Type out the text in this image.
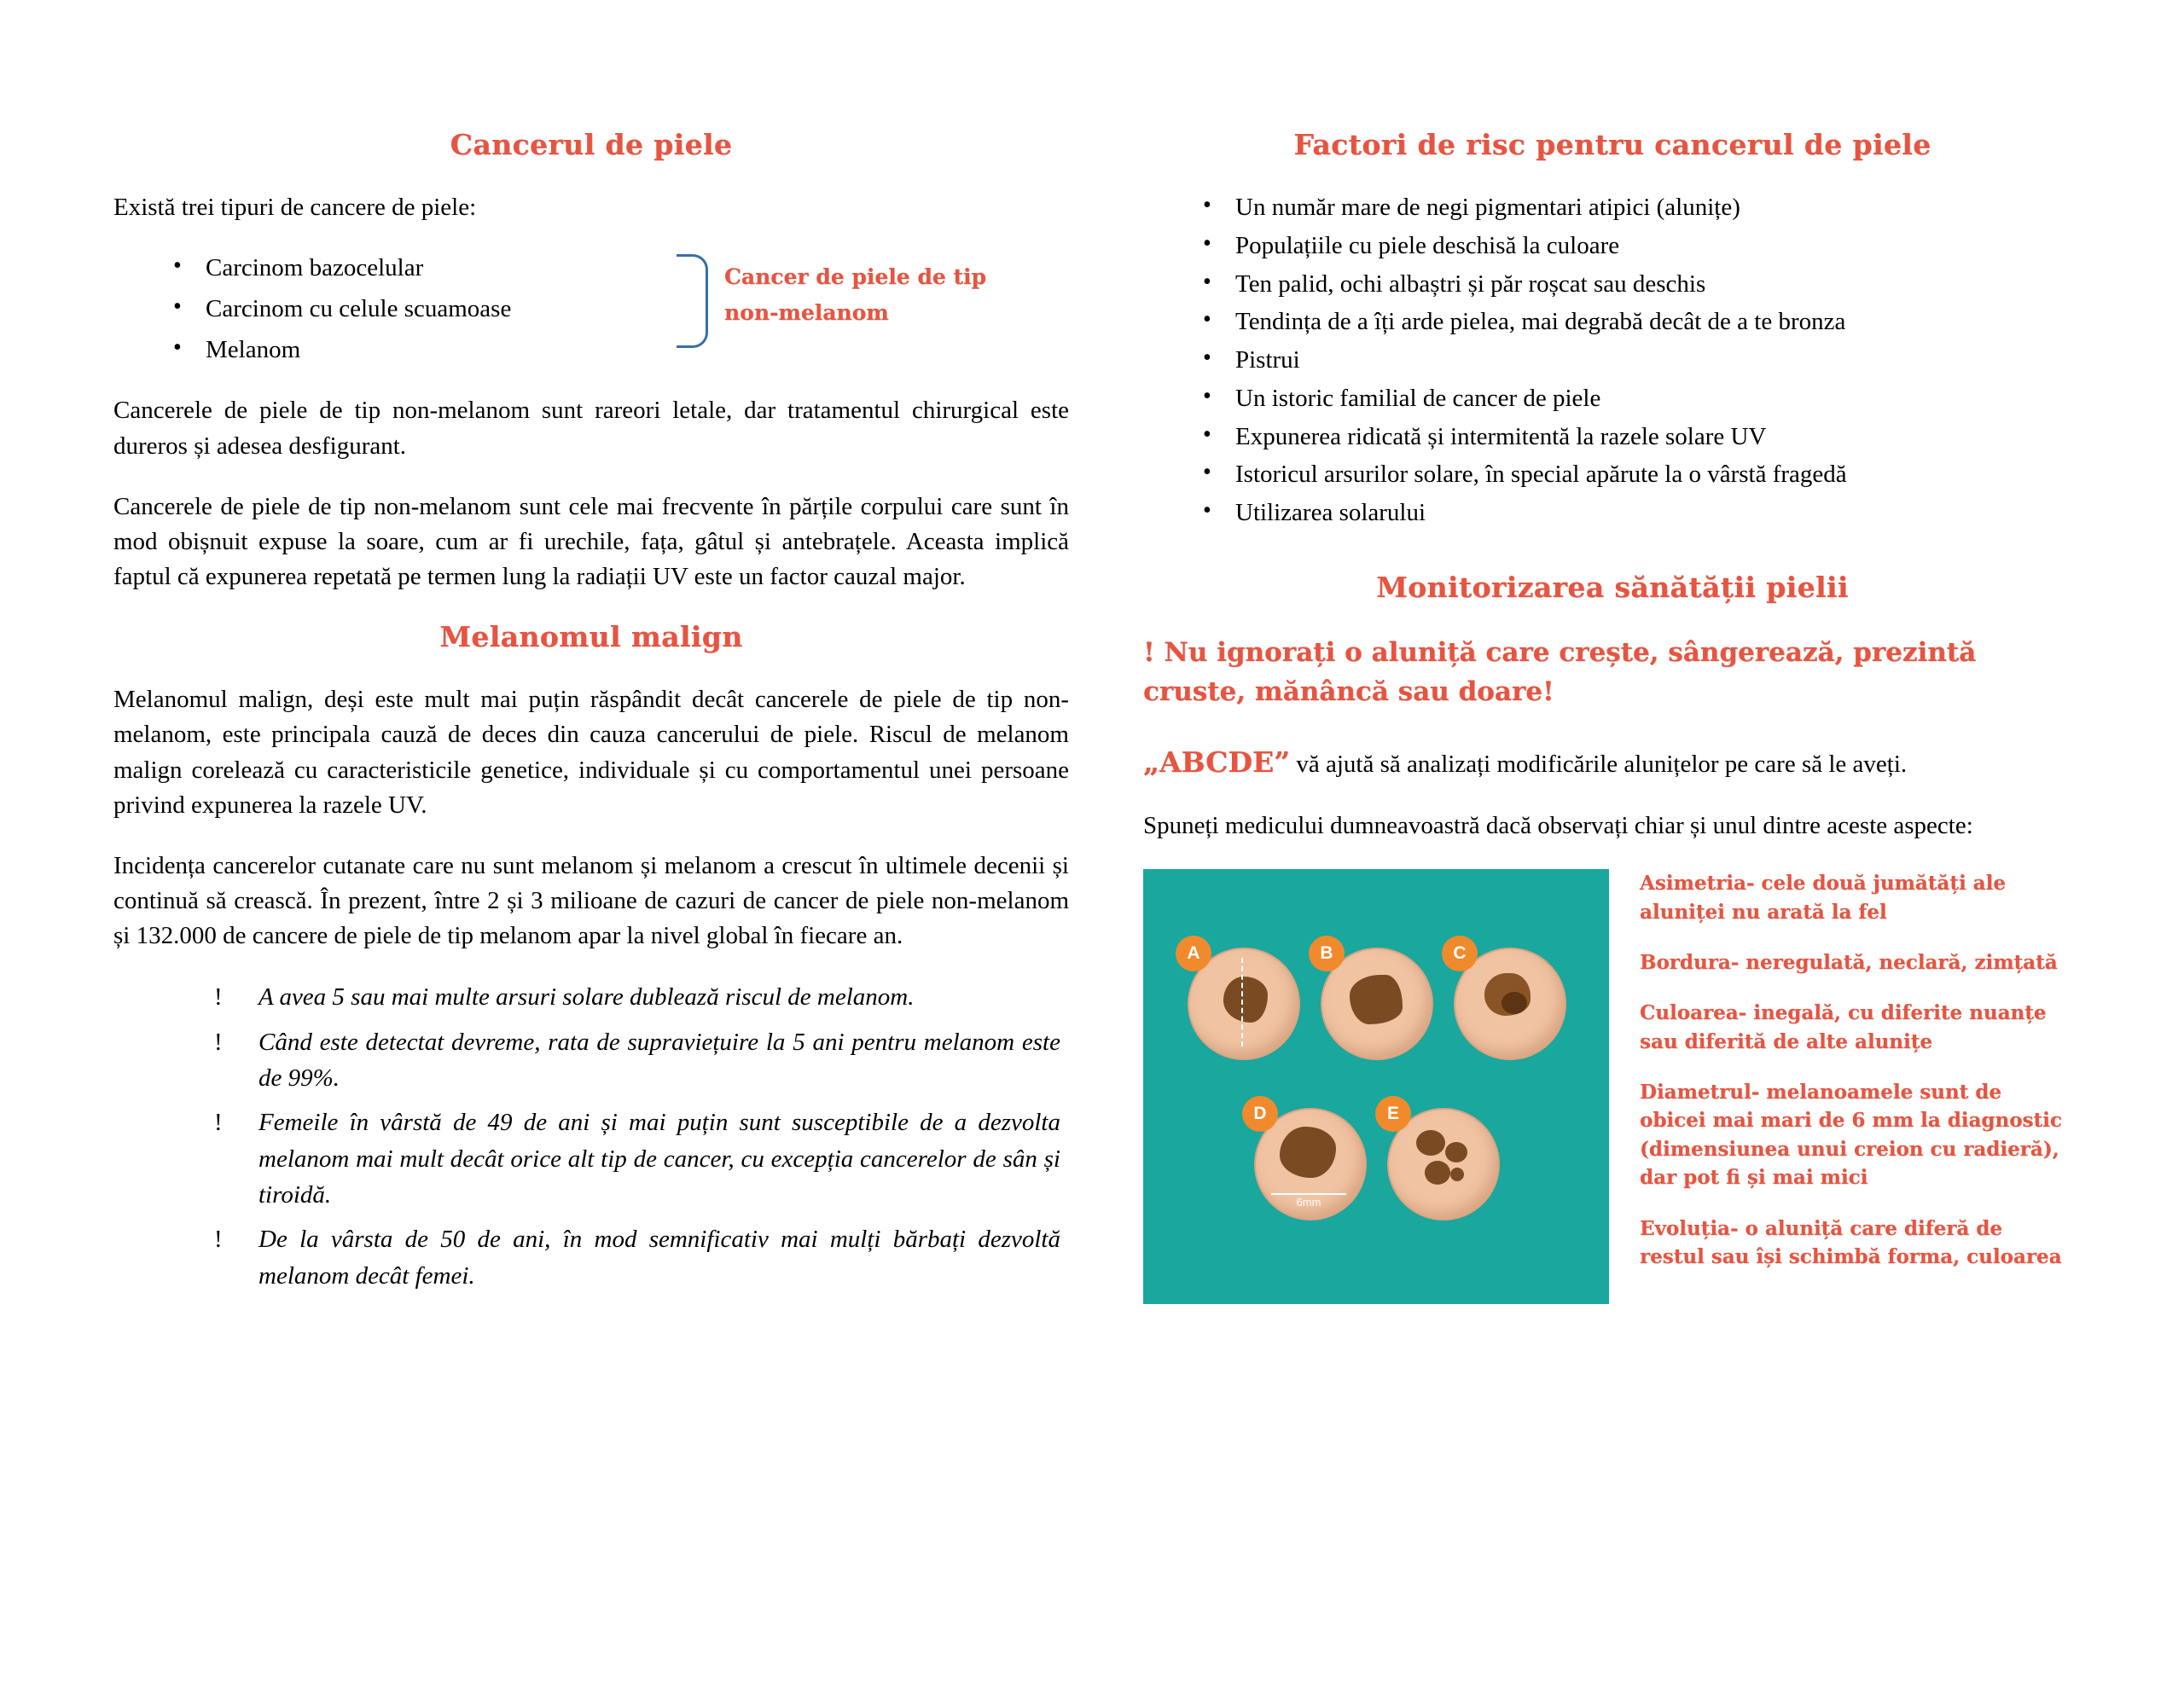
Cancerul de piele

Există trei tipuri de cancere de piele:

• Carcinom bazocelular
• Carcinom cu celule scuamoase
• Melanom
Cancer de piele de tip non-melanom

Cancerele de piele de tip non-melanom sunt rareori letale, dar tratamentul chirurgical este dureros și adesea desfigurant.

Cancerele de piele de tip non-melanom sunt cele mai frecvente în părțile corpului care sunt în mod obișnuit expuse la soare, cum ar fi urechile, fața, gâtul și antebrațele. Aceasta implică faptul că expunerea repetată pe termen lung la radiații UV este un factor cauzal major.

Melanomul malign

Melanomul malign, deși este mult mai puțin răspândit decât cancerele de piele de tip non-melanom, este principala cauză de deces din cauza cancerului de piele. Riscul de melanom malign corelează cu caracteristicile genetice, individuale și cu comportamentul unei persoane privind expunerea la razele UV.

Incidența cancerelor cutanate care nu sunt melanom și melanom a crescut în ultimele decenii și continuă să crească. În prezent, între 2 și 3 milioane de cazuri de cancer de piele non-melanom și 132.000 de cancere de piele de tip melanom apar la nivel global în fiecare an.

! A avea 5 sau mai multe arsuri solare dublează riscul de melanom.
! Când este detectat devreme, rata de supraviețuire la 5 ani pentru melanom este de 99%.
! Femeile în vârstă de 49 de ani și mai puțin sunt susceptibile de a dezvolta melanom mai mult decât orice alt tip de cancer, cu excepția cancerelor de sân și tiroidă.
! De la vârsta de 50 de ani, în mod semnificativ mai mulți bărbați dezvoltă melanom decât femei.
Factori de risc pentru cancerul de piele
• Un număr mare de negi pigmentari atipici (alunițe)
• Populațiile cu piele deschisă la culoare
• Ten palid, ochi albaștri și păr roșcat sau deschis
• Tendința de a îți arde pielea, mai degrabă decât de a te bronza
• Pistrui
• Un istoric familial de cancer de piele
• Expunerea ridicată și intermitentă la razele solare UV
• Istoricul arsurilor solare, în special apărute la o vârstă fragedă
• Utilizarea solarului
Monitorizarea sănătății pielii

! Nu ignorați o aluniță care crește, sângerează, prezintă cruste, mănâncă sau doare!

„ABCDE” vă ajută să analizați modificările alunițelor pe care să le aveți.

Spuneți medicului dumneavoastră dacă observați chiar și unul dintre aceste aspecte:

A	B	C
6mm
D	E

Asimetria- cele două jumătăți ale aluniței nu arată la fel

Bordura- neregulată, neclară, zimțată

Culoarea- inegală, cu diferite nuanțe sau diferită de alte alunițe

Diametrul- melanoamele sunt de obicei mai mari de 6 mm la diagnostic (dimensiunea unui creion cu radieră), dar pot fi și mai mici

Evoluția- o aluniță care diferă de restul sau își schimbă forma, culoarea
